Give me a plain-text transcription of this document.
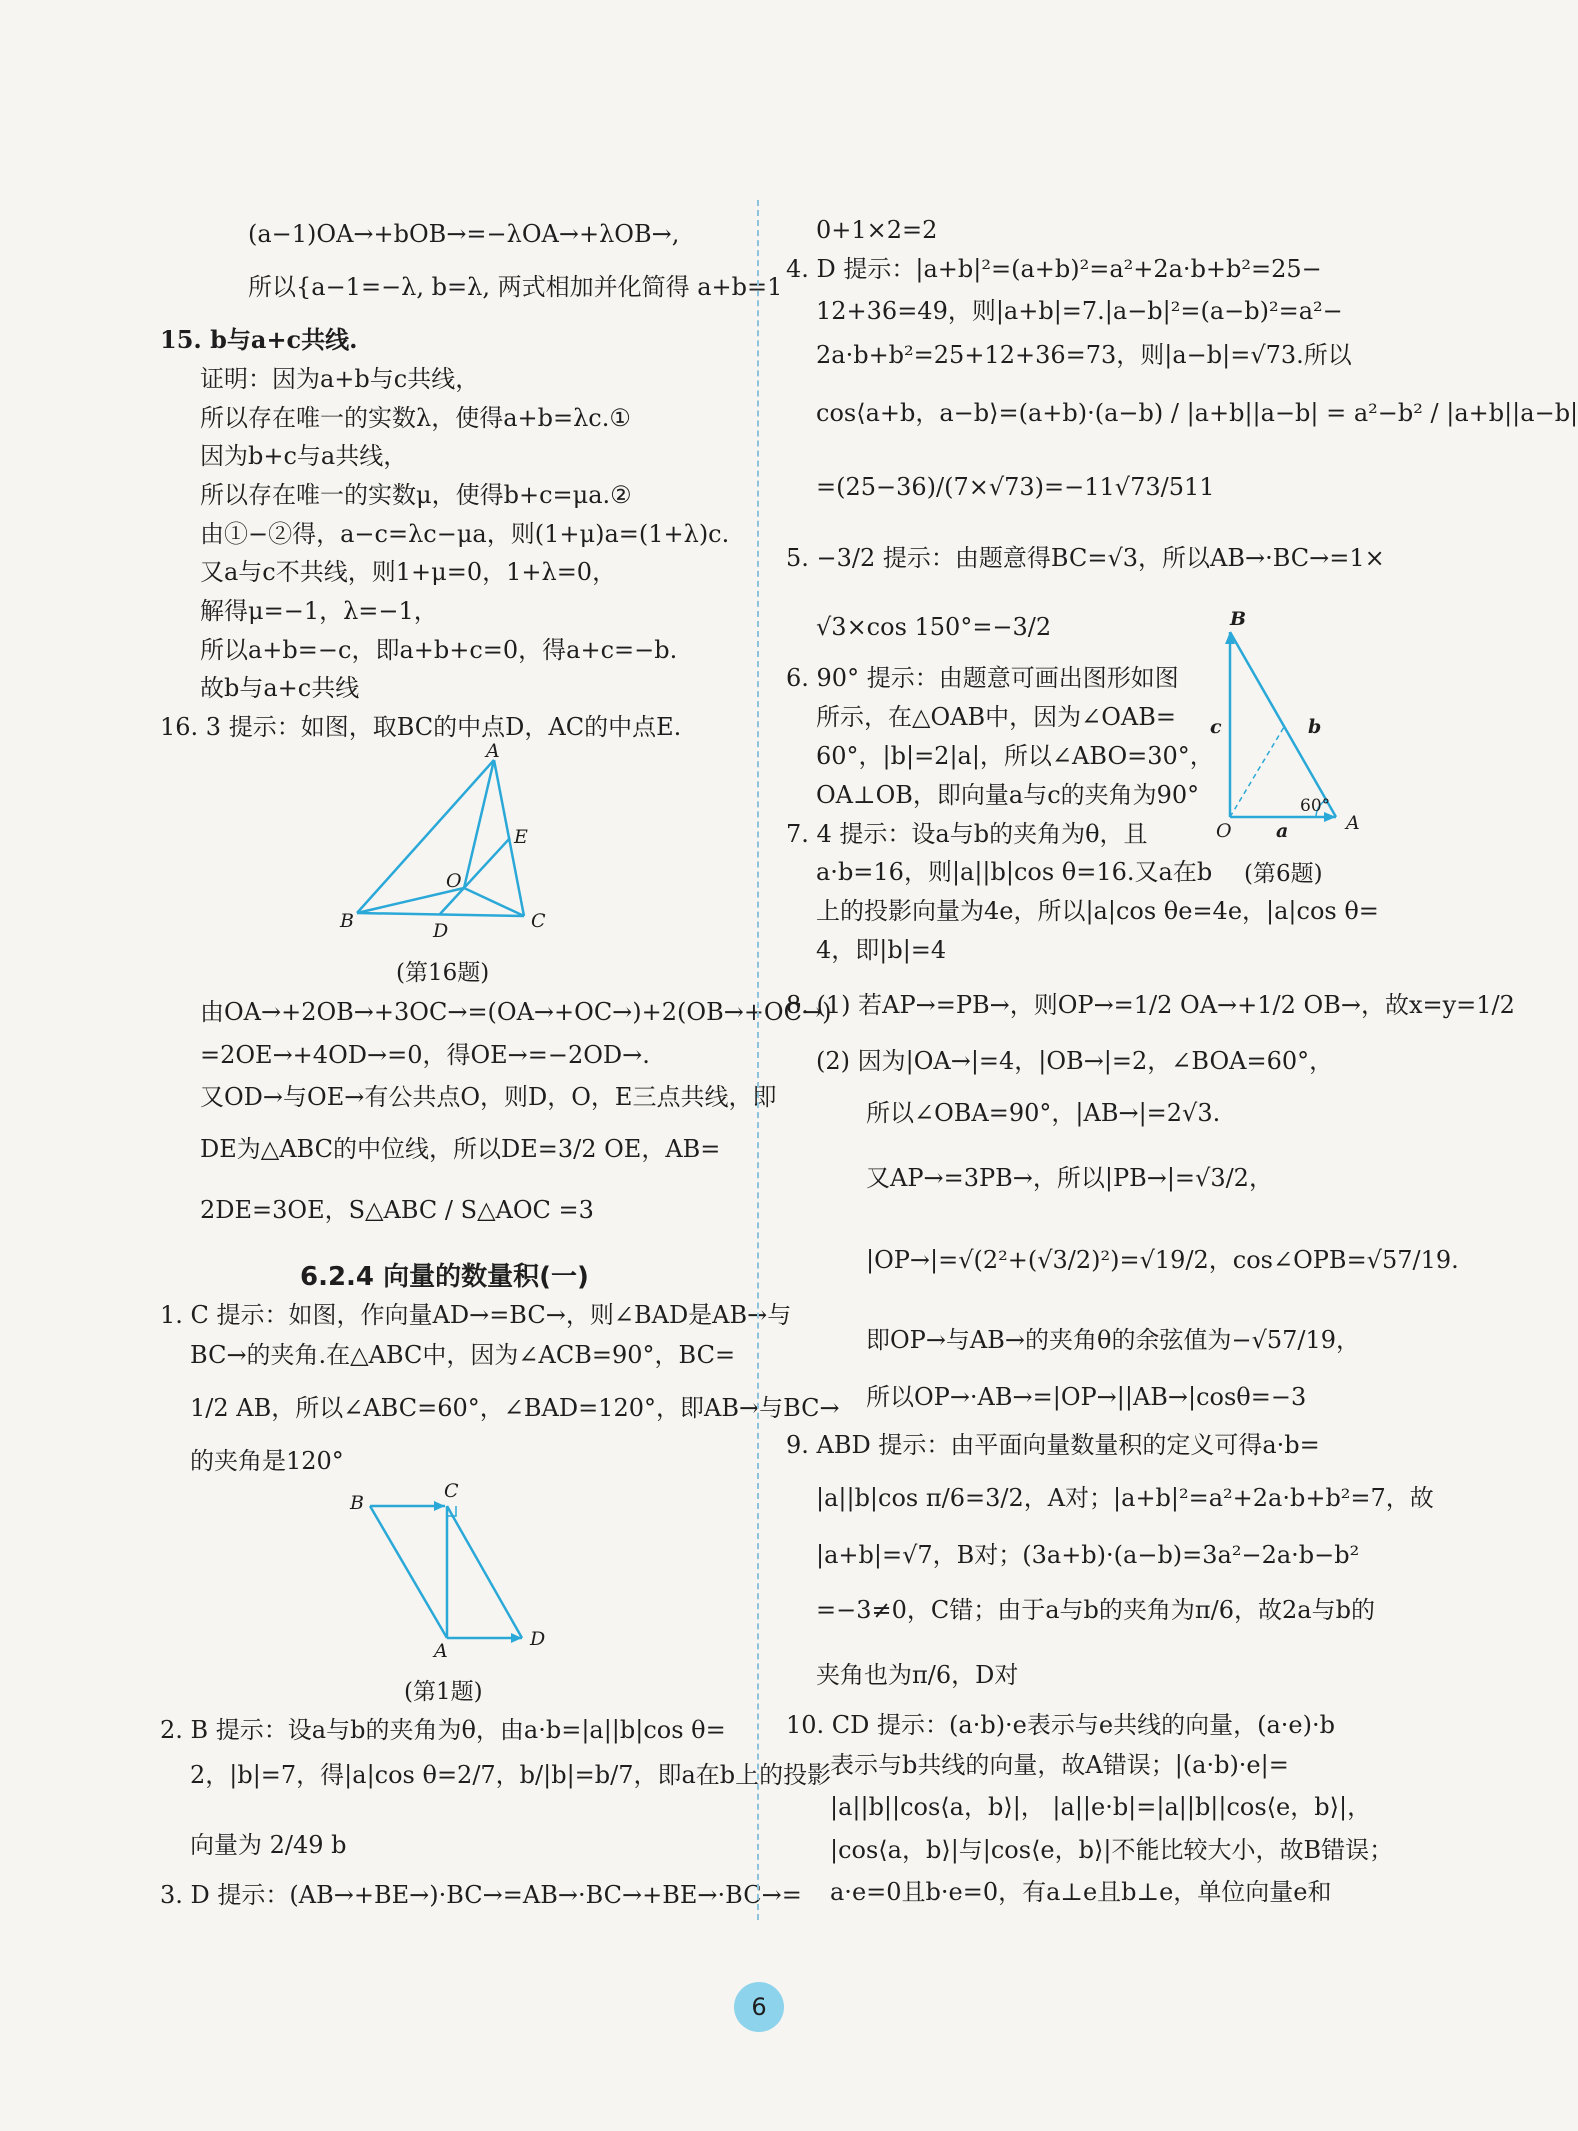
(a−1)OA→+bOB→=−λOA→+λOB→,
所以{a−1=−λ, b=λ, 两式相加并化简得 a+b=1
15. b与a+c共线.
证明：因为a+b与c共线，
所以存在唯一的实数λ，使得a+b=λc.①
因为b+c与a共线，
所以存在唯一的实数μ，使得b+c=μa.②
由①−②得，a−c=λc−μa，则(1+μ)a=(1+λ)c.
又a与c不共线，则1+μ=0，1+λ=0，
解得μ=−1，λ=−1，
所以a+b=−c，即a+b+c=0，得a+c=−b.
故b与a+c共线
16. 3 提示：如图，取BC的中点D，AC的中点E.
A
B	C
D
E
O
(第16题)
由OA→+2OB→+3OC→=(OA→+OC→)+2(OB→+OC→)
=2OE→+4OD→=0，得OE→=−2OD→.
又OD→与OE→有公共点O，则D，O，E三点共线，即
DE为△ABC的中位线，所以DE=3/2 OE，AB=
2DE=3OE，S△ABC / S△AOC =3
6.2.4 向量的数量积(一)
1. C 提示：如图，作向量AD→=BC→，则∠BAD是AB→与
BC→的夹角.在△ABC中，因为∠ACB=90°，BC=
1/2 AB，所以∠ABC=60°，∠BAD=120°，即AB→与BC→
的夹角是120°
B
C
A
D
(第1题)
2. B 提示：设a与b的夹角为θ，由a·b=|a||b|cos θ=
2，|b|=7，得|a|cos θ=2/7，b/|b|=b/7，即a在b上的投影
向量为 2/49 b
3. D 提示：(AB→+BE→)·BC→=AB→·BC→+BE→·BC→=
0+1×2=2
4. D 提示：|a+b|²=(a+b)²=a²+2a·b+b²=25−
12+36=49，则|a+b|=7.|a−b|²=(a−b)²=a²−
2a·b+b²=25+12+36=73，则|a−b|=√73.所以
cos⟨a+b，a−b⟩=(a+b)·(a−b) / |a+b||a−b| = a²−b² / |a+b||a−b|
=(25−36)/(7×√73)=−11√73/511
5. −3/2 提示：由题意得BC=√3，所以AB→·BC→=1×
√3×cos 150°=−3/2
6. 90° 提示：由题意可画出图形如图
所示，在△OAB中，因为∠OAB=
60°，|b|=2|a|，所以∠ABO=30°，
OA⊥OB，即向量a与c的夹角为90°
B
O	A
a
b
c
60°
(第6题)
7. 4 提示：设a与b的夹角为θ，且
a·b=16，则|a||b|cos θ=16.又a在b
上的投影向量为4e，所以|a|cos θe=4e，|a|cos θ=
4，即|b|=4
8. (1) 若AP→=PB→，则OP→=1/2 OA→+1/2 OB→，故x=y=1/2
(2) 因为|OA→|=4，|OB→|=2，∠BOA=60°，
所以∠OBA=90°，|AB→|=2√3.
又AP→=3PB→，所以|PB→|=√3/2，
|OP→|=√(2²+(√3/2)²)=√19/2，cos∠OPB=√57/19.
即OP→与AB→的夹角θ的余弦值为−√57/19，
所以OP→·AB→=|OP→||AB→|cosθ=−3
9. ABD 提示：由平面向量数量积的定义可得a·b=
|a||b|cos π/6=3/2，A对；|a+b|²=a²+2a·b+b²=7，故
|a+b|=√7，B对；(3a+b)·(a−b)=3a²−2a·b−b²
=−3≠0，C错；由于a与b的夹角为π/6，故2a与b的
夹角也为π/6，D对
10. CD 提示：(a·b)·e表示与e共线的向量，(a·e)·b
表示与b共线的向量，故A错误；|(a·b)·e|=
|a||b||cos⟨a，b⟩|， |a||e·b|=|a||b||cos⟨e，b⟩|，
|cos⟨a，b⟩|与|cos⟨e，b⟩|不能比较大小，故B错误；
a·e=0且b·e=0，有a⊥e且b⊥e，单位向量e和
6
